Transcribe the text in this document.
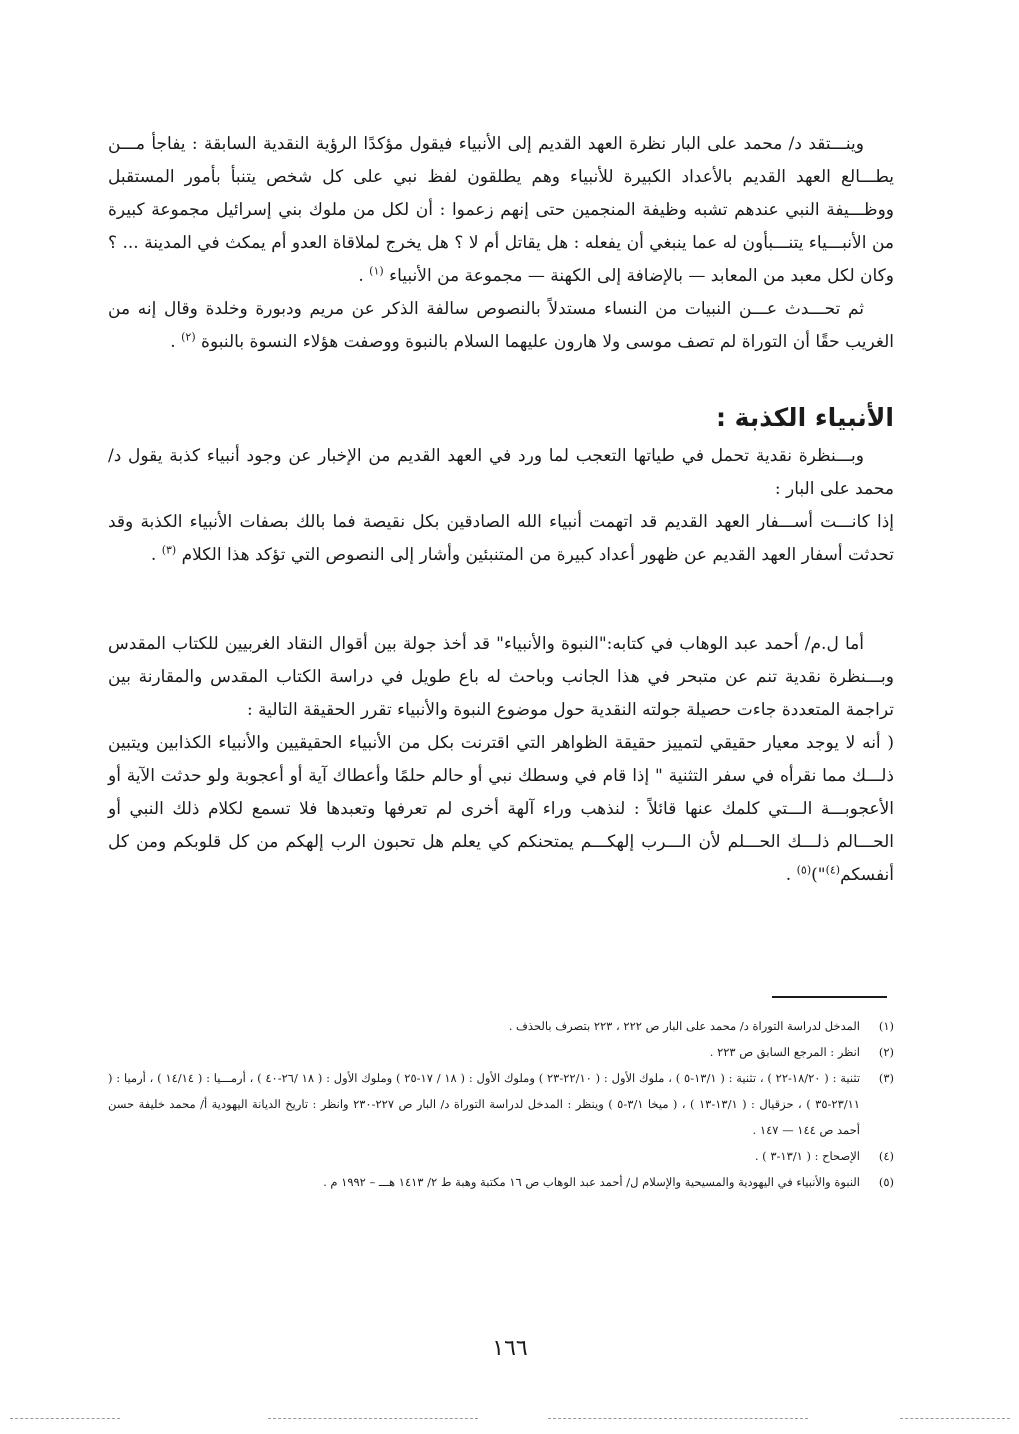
وينـــتقد د/ محمد على البار نظرة العهد القديم إلى الأنبياء فيقول مؤكدًا الرؤية النقدية السابقة : يفاجأ مـــن يطـــالع العهد القديم بالأعداد الكبيرة للأنبياء وهم يطلقون لفظ نبي على كل شخص يتنبأ بأمور المستقبل ووظـــيفة النبي عندهم تشبه وظيفة المنجمين حتى إنهم زعموا : أن لكل من ملوك بني إسرائيل مجموعة كبيرة من الأنبـــياء يتنـــبأون له عما ينبغي أن يفعله : هل يقاتل أم لا ؟ هل يخرج لملاقاة العدو أم يمكث في المدينة ... ؟ وكان لكل معبد من المعابد — بالإضافة إلى الكهنة — مجموعة من الأنبياء $^{(١)}$ .

ثم تحـــدث عـــن النبيات من النساء مستدلاً بالنصوص سالفة الذكر عن مريم ودبورة وخلدة وقال إنه من الغريب حقًا أن التوراة لم تصف موسى ولا هارون عليهما السلام بالنبوة ووصفت هؤلاء النسوة بالنبوة $^{(٢)}$ .

الأنبياء الكذبة :

وبـــنظرة نقدية تحمل في طياتها التعجب لما ورد في العهد القديم من الإخبار عن وجود أنبياء كذبة يقول د/ محمد على البار :

إذا كانـــت أســـفار العهد القديم قد اتهمت أنبياء الله الصادقين بكل نقيصة فما بالك بصفات الأنبياء الكذبة وقد تحدثت أسفار العهد القديم عن ظهور أعداد كبيرة من المتنبئين وأشار إلى النصوص التي تؤكد هذا الكلام $^{(٣)}$ .

أما ل.م/ أحمد عبد الوهاب في كتابه:"النبوة والأنبياء" قد أخذ جولة بين أقوال النقاد الغربيين للكتاب المقدس وبـــنظرة نقدية تنم عن متبحر في هذا الجانب وباحث له باع طويل في دراسة الكتاب المقدس والمقارنة بين تراجمة المتعددة جاءت حصيلة جولته النقدية حول موضوع النبوة والأنبياء تقرر الحقيقة التالية :

( أنه لا يوجد معيار حقيقي لتمييز حقيقة الظواهر التي اقترنت بكل من الأنبياء الحقيقيين والأنبياء الكذابين ويتبين ذلـــك مما نقرأه في سفر التثنية " إذا قام في وسطك نبي أو حالم حلمًا وأعطاك آية أو أعجوبة ولو حدثت الآية أو الأعجوبـــة الـــتي كلمك عنها قائلاً : لنذهب وراء آلهة أخرى لم تعرفها وتعبدها فلا تسمع لكلام ذلك النبي أو الحـــالم ذلـــك الحـــلم لأن الـــرب إلهكـــم يمتحنكم كي يعلم هل تحبون الرب إلهكم من كل قلوبكم ومن كل أنفسكم$^{(٤)}$")$^{(٥)}$ .

(١)
المدخل لدراسة التوراة د/ محمد على البار ص ٢٢٢ ، ٢٢٣ بتصرف بالحذف .
(٢)
انظر : المرجع السابق ص ٢٢٣ .
(٣)
تثنية : ( ١٨/٢٠-٢٢ ) ، تثنية : ( ١٣/١-٥ ) ، ملوك الأول : ( ٢٢/١٠-٢٣ ) وملوك الأول : ( ١٨ / ١٧-٢٥ ) وملوك الأول : ( ١٨ /٢٦-٤٠ ) ، أرمـــيا : ( ١٤/١٤ ) ، أرميا : ( ٢٣/١١-٣٥ ) ، حزقيال : ( ١٣/١-١٣ ) ، ( ميخا ٣/١-٥ ) وينظر : المدخل لدراسة التوراة د/ البار ص ٢٢٧-٢٣٠ وانظر : تاريخ الديانة اليهودية أ/ محمد خليفة حسن أحمد ص ١٤٤ — ١٤٧ .
(٤)
الإصحاح : ( ١٣/١-٣ ) .
(٥)
النبوة والأنبياء في اليهودية والمسيحية والإسلام ل/ أحمد عبد الوهاب ص ١٦ مكتبة وهبة ط ٢/ ١٤١٣ هـــ – ١٩٩٢ م .
١٦٦
